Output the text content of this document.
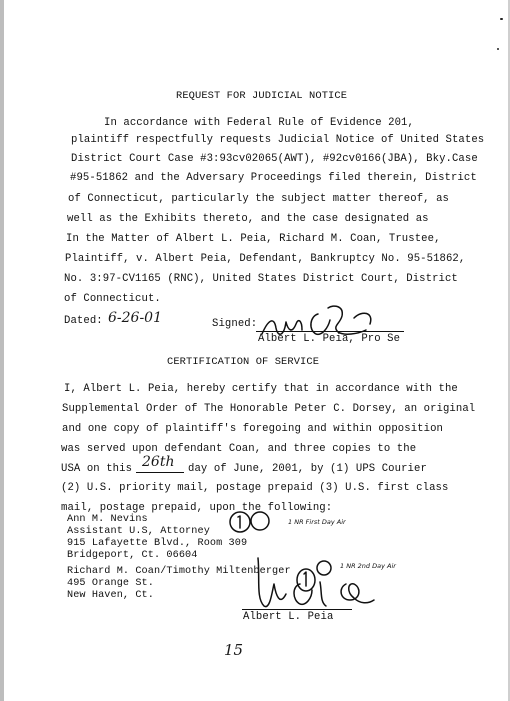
REQUEST FOR JUDICIAL NOTICE
In accordance with Federal Rule of Evidence 201,
plaintiff respectfully requests Judicial Notice of United States
District Court Case #3:93cv02065(AWT), #92cv0166(JBA), Bky.Case
#95-51862 and the Adversary Proceedings filed therein, District
of Connecticut, particularly the subject matter thereof, as
well as the Exhibits thereto, and the case designated as
In the Matter of Albert L. Peia, Richard M. Coan, Trustee,
Plaintiff, v. Albert Peia, Defendant, Bankruptcy No. 95-51862,
No. 3:97-CV1165 (RNC), United States District Court, District
of Connecticut.
Dated: 6-26-01	Signed:
Albert L. Peia, Pro Se
CERTIFICATION OF SERVICE
I, Albert L. Peia, hereby certify that in accordance with the
Supplemental Order of The Honorable Peter C. Dorsey, an original
and one copy of plaintiff's foregoing and within opposition
was served upon defendant Coan, and three copies to the
USA on this 26th day of June, 2001, by (1) UPS Courier
(2) U.S. priority mail, postage prepaid (3) U.S. first class
mail, postage prepaid, upon the following:
Ann M. Nevins
Assistant U.S, Attorney
915 Lafayette Blvd., Room 309
Bridgeport, Ct. 06604
1 NR First Day Air
Richard M. Coan/Timothy Miltenberger
495 Orange St.
New Haven, Ct.
1 NR 2nd Day Air
Albert L. Peia
15
